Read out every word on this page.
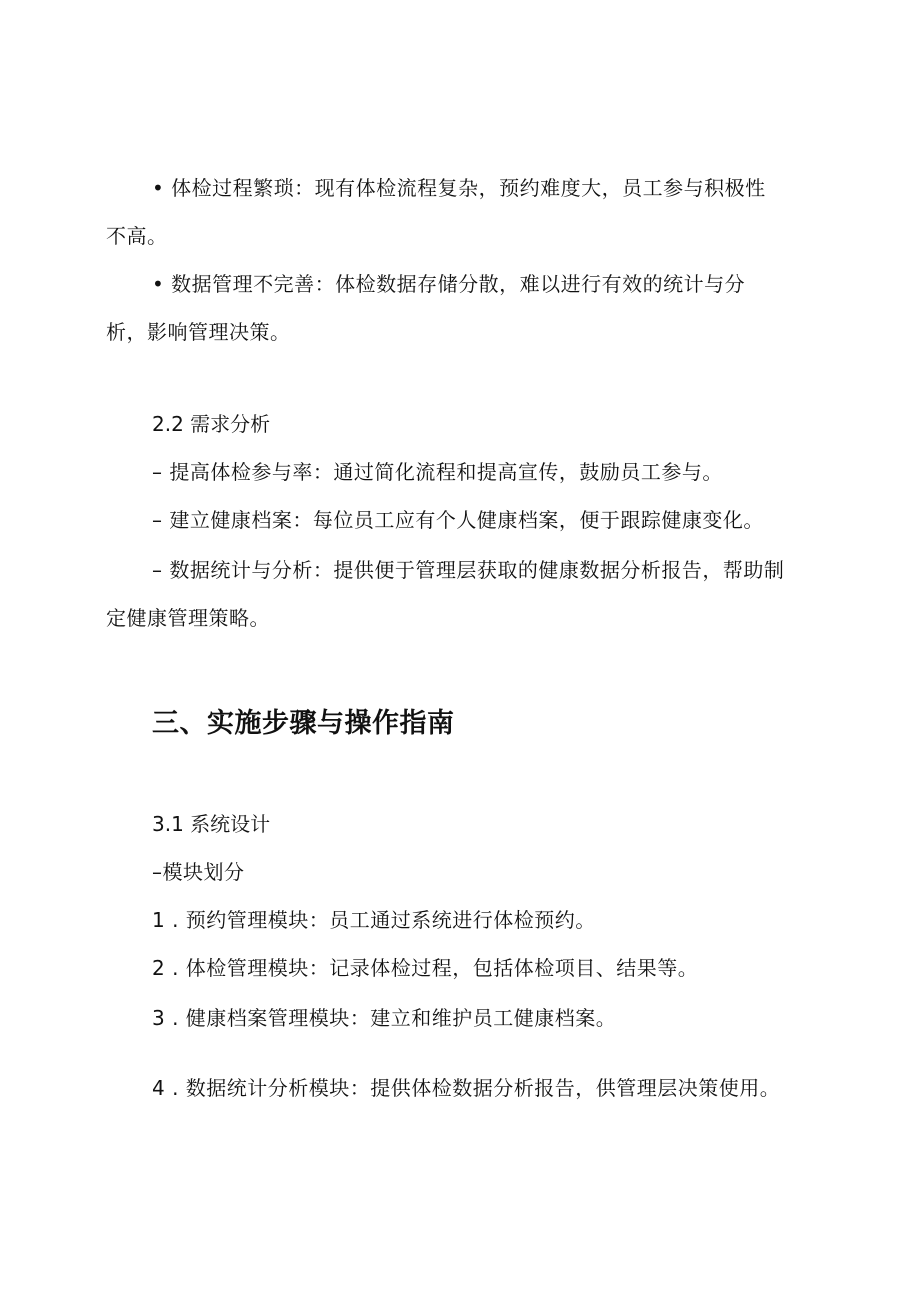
• 体检过程繁琐：现有体检流程复杂，预约难度大，员工参与积极性
不高。
• 数据管理不完善：体检数据存储分散，难以进行有效的统计与分
析，影响管理决策。
2.2 需求分析
– 提高体检参与率：通过简化流程和提高宣传，鼓励员工参与。
– 建立健康档案：每位员工应有个人健康档案，便于跟踪健康变化。
– 数据统计与分析：提供便于管理层获取的健康数据分析报告，帮助制
定健康管理策略。
三、实施步骤与操作指南
3.1 系统设计
–模块划分
1 . 预约管理模块：员工通过系统进行体检预约。
2 . 体检管理模块：记录体检过程，包括体检项目、结果等。
3 . 健康档案管理模块：建立和维护员工健康档案。
4 . 数据统计分析模块：提供体检数据分析报告，供管理层决策使用。
